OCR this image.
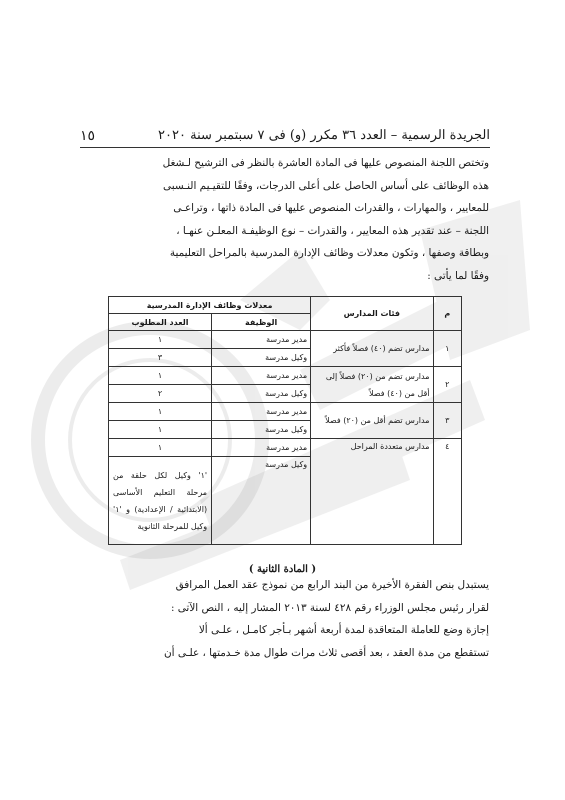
الجريدة الرسمية – العدد ٣٦ مكرر (و) فى ٧ سبتمبر سنة ٢٠٢٠
١٥
وتختص اللجنة المنصوص عليها فى المادة العاشرة بالنظر فى الترشيح لـشغل
هذه الوظائف على أساس الحاصل على أعلى الدرجات، وفقًا للتقيـيم النـسبى
للمعايير ، والمهارات ، والقدرات المنصوص عليها فى المادة ذاتها ، وتراعـى
اللجنة – عند تقدير هذه المعايير ، والقدرات – نوع الوظيفـة المعلـن عنهـا ،
وبطاقة وصفها ، وتكون معدلات وظائف الإدارة المدرسية بالمراحل التعليمية
وفقًا لما يأتى :
م	فئات المدارس	معدلات وظائف الإدارة المدرسية	
		الوظيفة	العدد المطلوب
١	مدارس تضم (٤٠) فصلاً فأكثر	مدير مدرسة	١
		وكيل مدرسة	٣
٢	مدارس تضم من (٢٠) فصلاً إلى أقل من (٤٠) فصلاً	مدير مدرسة	١
		وكيل مدرسة	٢
٣	مدارس تضم أقل من (٢٠) فصلاً	مدير مدرسة	١
		وكيل مدرسة	١
٤	مدارس متعددة المراحل	مدير مدرسة	١
		وكيل مدرسة	'١' وكيل لكل حلقة من مرحلة التعليم الأساسى (الابتدائية / الإعدادية) و '١' وكيل للمرحلة الثانوية
( المادة الثانية )
يستبدل بنص الفقرة الأخيرة من البند الرابع من نموذج عقد العمل المرافق
لقرار رئيس مجلس الوزراء رقم ٤٢٨ لسنة ٢٠١٣ المشار إليه ، النص الآتى :
إجازة وضع للعاملة المتعاقدة لمدة أربعة أشهر بـأجر كامـل ، علـى ألا
تستقطع من مدة العقد ، بعد أقصى ثلاث مرات طوال مدة خـدمتها ، علـى أن
